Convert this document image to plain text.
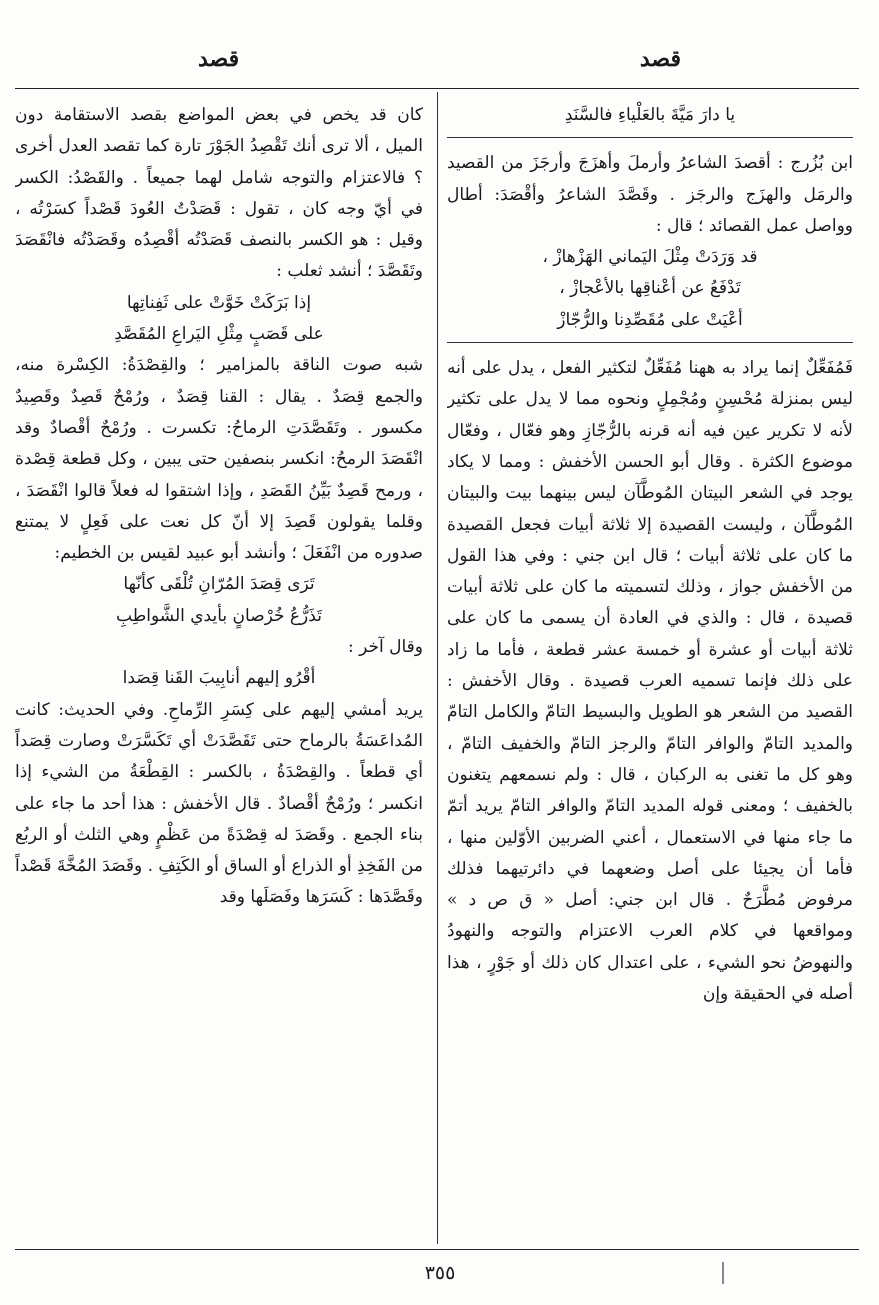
قصد
قصد

يا دارَ مَيَّةَ بالعَلْياءِ فالسَّنَدِ

ابن بُزُرج : أقصدَ الشاعرُ وأرملَ وأهزَجَ وأرجَزَ من القصيد والرمَل والهزَج والرجَز . وقَصَّدَ الشاعرُ وأقْصَدَ: أطال وواصل عمل القصائد ؛ قال :

قد وَرَدَتْ مِثْلَ اليَماني الهَزْهازْ ،

تَدْفَعُ عن أعْناقِها بالأعْجازْ ،

أعْيَتْ على مُقَصِّدِنا والرُّجّازْ

فَمُفَعِّلٌ إنما يراد به ههنا مُفَعِّلٌ لتكثير الفعل ، يدل على أنه ليس بمنزلة مُحْسِنٍ ومُجْمِلٍ ونحوه مما لا يدل على تكثير لأنه لا تكرير عين فيه أنه قرنه بالرُّجّازِ وهو فعّال ، وفعّال موضوع الكثرة . وقال أبو الحسن الأخفش : ومما لا يكاد يوجد في الشعر البيتان المُوطَّآن ليس بينهما بيت والبيتان المُوطَّآن ، وليست القصيدة إلا ثلاثة أبيات فجعل القصيدة ما كان على ثلاثة أبيات ؛ قال ابن جني : وفي هذا القول من الأخفش جواز ، وذلك لتسميته ما كان على ثلاثة أبيات قصيدة ، قال : والذي في العادة أن يسمى ما كان على ثلاثة أبيات أو عشرة أو خمسة عشر قطعة ، فأما ما زاد على ذلك فإنما تسميه العرب قصيدة . وقال الأخفش : القصيد من الشعر هو الطويل والبسيط التامّ والكامل التامّ والمديد التامّ والوافر التامّ والرجز التامّ والخفيف التامّ ، وهو كل ما تغنى به الركبان ، قال : ولم نسمعهم يتغنون بالخفيف ؛ ومعنى قوله المديد التامّ والوافر التامّ يريد أتمّ ما جاء منها في الاستعمال ، أعني الضربين الأوّلين منها ، فأما أن يجيئا على أصل وضعهما في دائرتيهما فذلك مرفوض مُطَّرَحٌ . قال ابن جني: أصل « ق ص د » ومواقعها في كلام العرب الاعتزام والتوجه والنهودُ والنهوضُ نحو الشيء ، على اعتدال كان ذلك أو جَوْرٍ ، هذا أصله في الحقيقة وإن

كان قد يخص في بعض المواضع بقصد الاستقامة دون الميل ، ألا ترى أنك تَقْصِدُ الجَوْرَ تارة كما تقصد العدل أخرى ؟ فالاعتزام والتوجه شامل لهما جميعاً . والقَصْدُ: الكسر في أيّ وجه كان ، تقول : قَصَدْتُ العُودَ قَصْداً كسَرْتُه ، وقيل : هو الكسر بالنصف قَصَدْتُه أقْصِدُه وقَصَدْتُه فانْقَصَدَ وتَقَصَّدَ ؛ أنشد ثعلب :

إذا بَرَكَتْ خَوَّتْ على ثَفِناتِها

على قَصَبٍ مِثْلِ اليَراعِ المُقَصَّدِ

شبه صوت الناقة بالمزامير ؛ والقِصْدَةُ: الكِسْرة منه، والجمع قِصَدٌ . يقال : القنا قِصَدٌ ، ورُمْحٌ قَصِدٌ وقَصِيدٌ مكسور . وتَقَصَّدَتِ الرماحُ: تكسرت . ورُمْحٌ أقْصادٌ وقد انْقَصَدَ الرمحُ: انكسر بنصفين حتى يبين ، وكل قطعة قِصْدة ، ورمح قَصِدٌ بَيِّنُ القَصَدِ ، وإذا اشتقوا له فعلاً قالوا انْقَصَدَ ، وقلما يقولون قَصِدَ إلا أنّ كل نعت على فَعِلٍ لا يمتنع صدوره من انْفَعَلَ ؛ وأنشد أبو عبيد لقيس بن الخطيم:

تَرَى قِصَدَ المُرّانِ تُلْقَى كأنّها

تَذَرُّعُ خُرْصانٍ بأيدي الشَّواطِبِ

وقال آخر :

أقْرُو إليهم أنابِيبَ القَنا قِصَدا

يريد أمشي إليهم على كِسَرِ الرِّماحِ. وفي الحديث: كانت المُداعَسَةُ بالرماح حتى تَقَصَّدَتْ أي تَكَسَّرَتْ وصارت قِصَداً أي قطعاً . والقِصْدَةُ ، بالكسر : القِطْعَةُ من الشيء إذا انكسر ؛ ورُمْحٌ أقْصادٌ . قال الأخفش : هذا أحد ما جاء على بناء الجمع . وقَصَدَ له قِصْدَةً من عَظْمٍ وهي الثلث أو الربُع من الفَخِذِ أو الذراع أو الساق أو الكَتِفِ . وقَصَدَ المُخَّةَ قَصْداً وقَصَّدَها : كَسَرَها وفَصَلَها وقد

٣٥٥
